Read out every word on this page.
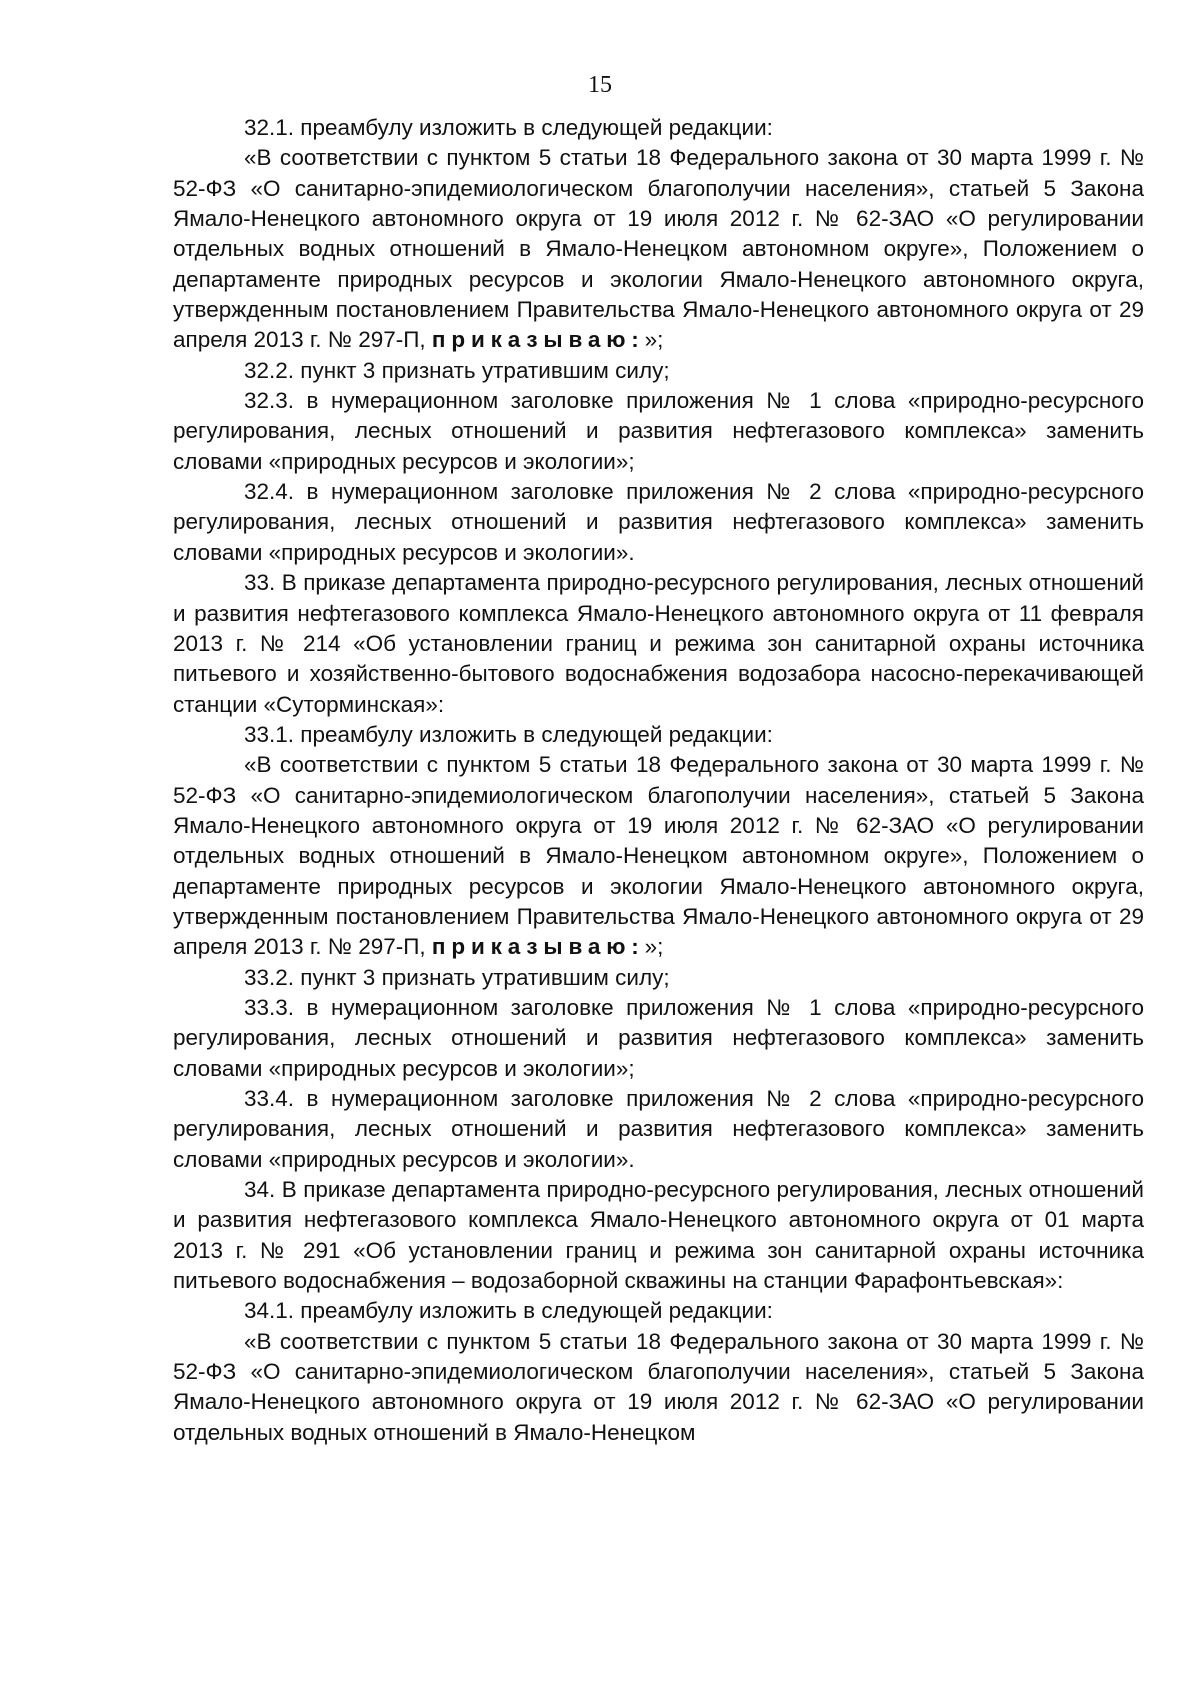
15

32.1. преамбулу изложить в следующей редакции:

«В соответствии с пунктом 5 статьи 18 Федерального закона от 30 марта 1999 г. № 52-ФЗ «О санитарно-эпидемиологическом благополучии населения», статьей 5 Закона Ямало-Ненецкого автономного округа от 19 июля 2012 г. № 62-ЗАО «О регулировании отдельных водных отношений в Ямало-Ненецком автономном округе», Положением о департаменте природных ресурсов и экологии Ямало-Ненецкого автономного округа, утвержденным постановлением Правительства Ямало-Ненецкого автономного округа от 29 апреля 2013 г. № 297-П, приказываю:»;

32.2. пункт 3 признать утратившим силу;

32.3. в нумерационном заголовке приложения № 1 слова «природно-ресурсного регулирования, лесных отношений и развития нефтегазового комплекса» заменить словами «природных ресурсов и экологии»;

32.4. в нумерационном заголовке приложения № 2 слова «природно-ресурсного регулирования, лесных отношений и развития нефтегазового комплекса» заменить словами «природных ресурсов и экологии».

33. В приказе департамента природно-ресурсного регулирования, лесных отношений и развития нефтегазового комплекса Ямало-Ненецкого автономного округа от 11 февраля 2013 г. № 214 «Об установлении границ и режима зон санитарной охраны источника питьевого и хозяйственно-бытового водоснабжения водозабора насосно-перекачивающей станции «Суторминская»:

33.1. преамбулу изложить в следующей редакции:

«В соответствии с пунктом 5 статьи 18 Федерального закона от 30 марта 1999 г. № 52-ФЗ «О санитарно-эпидемиологическом благополучии населения», статьей 5 Закона Ямало-Ненецкого автономного округа от 19 июля 2012 г. № 62-ЗАО «О регулировании отдельных водных отношений в Ямало-Ненецком автономном округе», Положением о департаменте природных ресурсов и экологии Ямало-Ненецкого автономного округа, утвержденным постановлением Правительства Ямало-Ненецкого автономного округа от 29 апреля 2013 г. № 297-П, приказываю:»;

33.2. пункт 3 признать утратившим силу;

33.3. в нумерационном заголовке приложения № 1 слова «природно-ресурсного регулирования, лесных отношений и развития нефтегазового комплекса» заменить словами «природных ресурсов и экологии»;

33.4. в нумерационном заголовке приложения № 2 слова «природно-ресурсного регулирования, лесных отношений и развития нефтегазового комплекса» заменить словами «природных ресурсов и экологии».

34. В приказе департамента природно-ресурсного регулирования, лесных отношений и развития нефтегазового комплекса Ямало-Ненецкого автономного округа от 01 марта 2013 г. № 291 «Об установлении границ и режима зон санитарной охраны источника питьевого водоснабжения – водозаборной скважины на станции Фарафонтьевская»:

34.1. преамбулу изложить в следующей редакции:

«В соответствии с пунктом 5 статьи 18 Федерального закона от 30 марта 1999 г. № 52-ФЗ «О санитарно-эпидемиологическом благополучии населения», статьей 5 Закона Ямало-Ненецкого автономного округа от 19 июля 2012 г. № 62-ЗАО «О регулировании отдельных водных отношений в Ямало-Ненецком
